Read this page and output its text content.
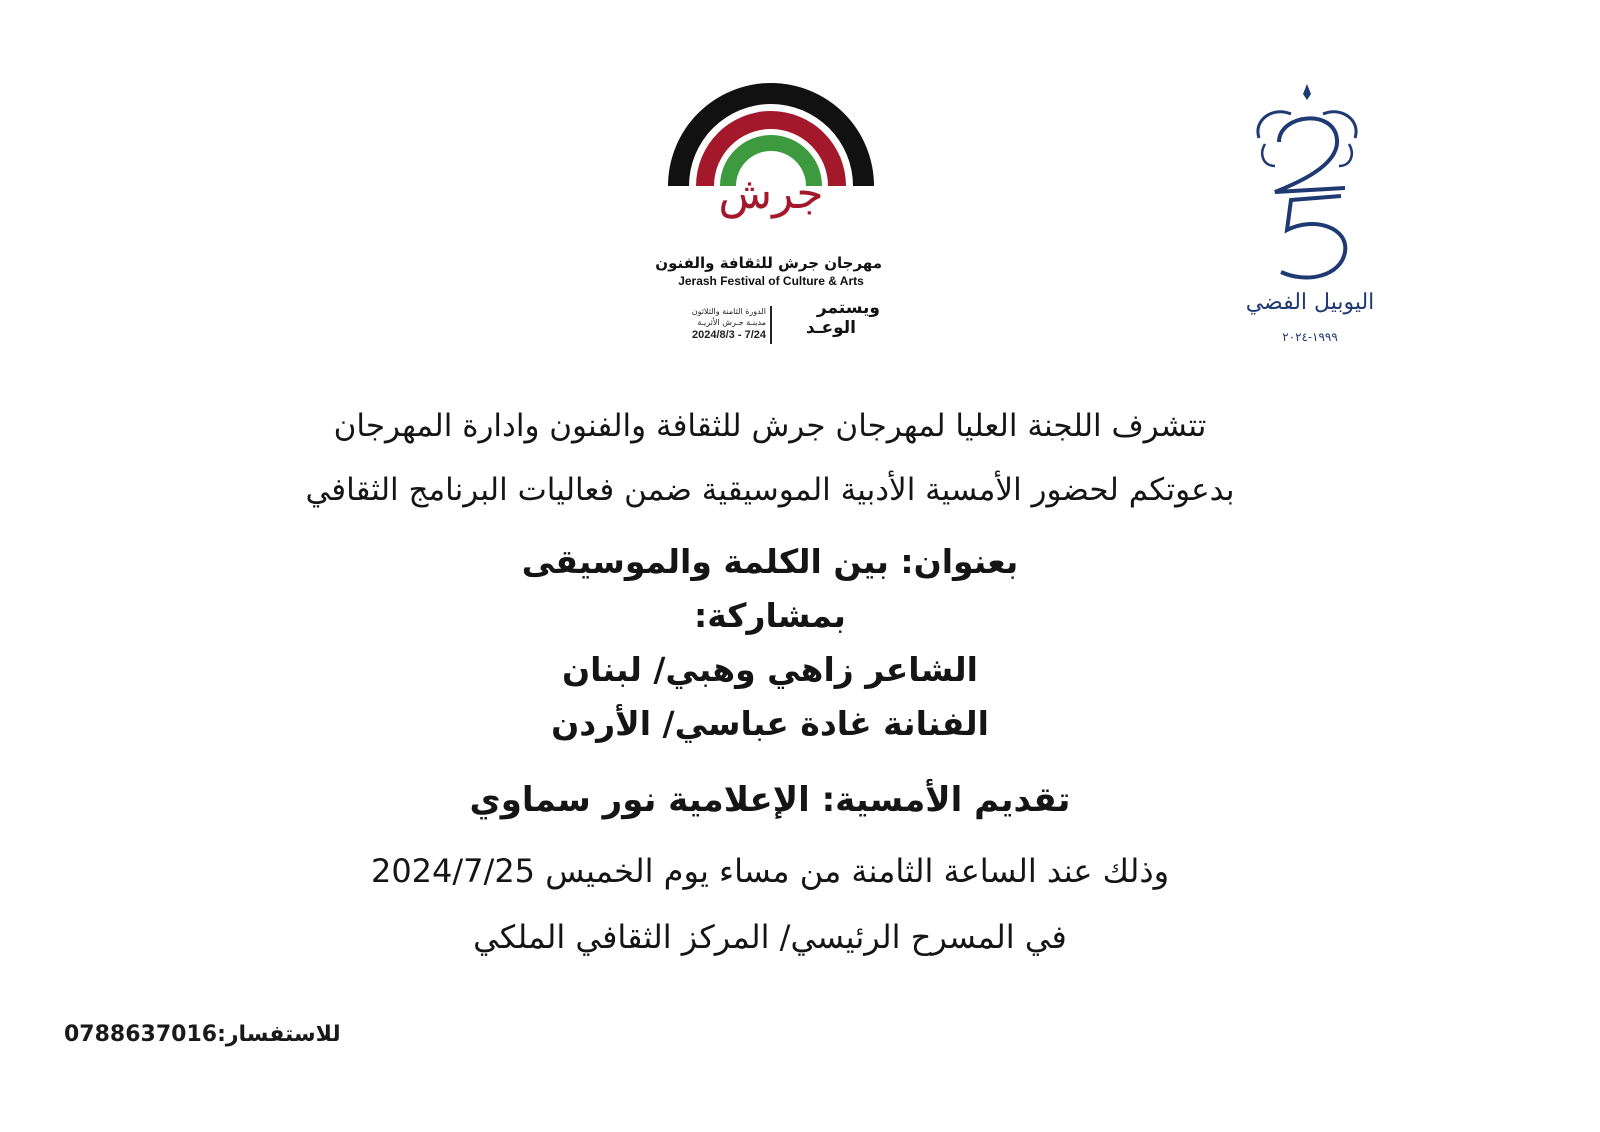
جرش
مهرجان جرش للثقافة والفنون
Jerash Festival of Culture & Arts
ويستمر
الوعـد
الدورة الثامنة والثلاثون
مدينـة جـرش الأثريـة
2024/8/3 - 7/24
اليوبيل الفضي
١٩٩٩-٢٠٢٤
تتشرف اللجنة العليا لمهرجان جرش للثقافة والفنون وادارة المهرجان
بدعوتكم لحضور الأمسية الأدبية الموسيقية ضمن فعاليات البرنامج الثقافي
بعنوان: بين الكلمة والموسيقى
بمشاركة:
الشاعر زاهي وهبي/ لبنان
الفنانة غادة عباسي/ الأردن
تقديم الأمسية: الإعلامية نور سماوي
وذلك عند الساعة الثامنة من مساء يوم الخميس 2024/7/25
في المسرح الرئيسي/ المركز الثقافي الملكي
للاستفسار:0788637016
